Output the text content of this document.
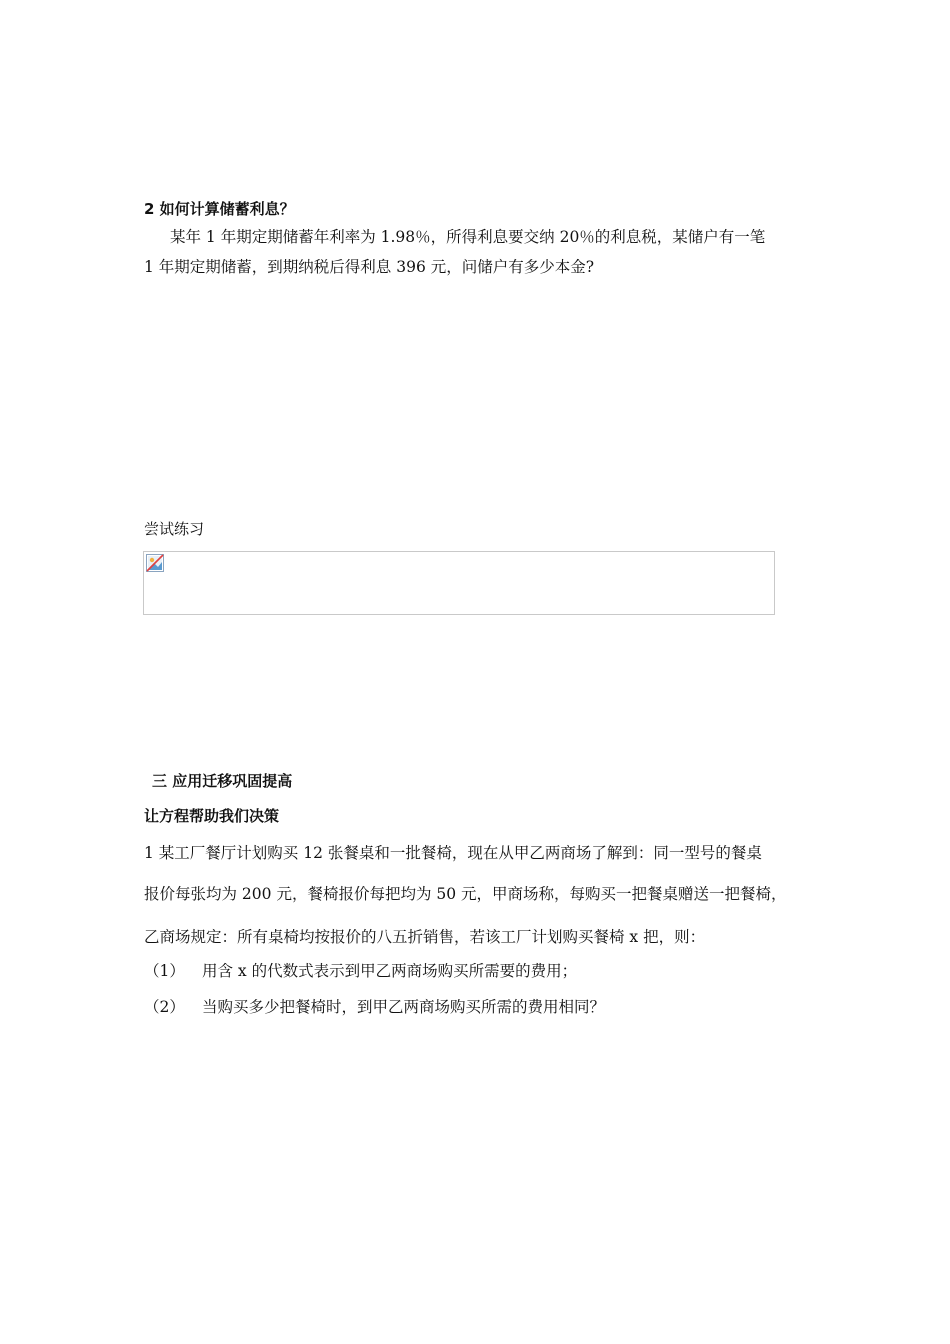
2 如何计算储蓄利息？
某年 1 年期定期储蓄年利率为 1.98％，所得利息要交纳 20％的利息税，某储户有一笔
1 年期定期储蓄，到期纳税后得利息 396 元，问储户有多少本金?
尝试练习
三 应用迁移巩固提高
让方程帮助我们决策
1 某工厂餐厅计划购买 12 张餐桌和一批餐椅，现在从甲乙两商场了解到：同一型号的餐桌
报价每张均为 200 元，餐椅报价每把均为 50 元，甲商场称，每购买一把餐桌赠送一把餐椅，
乙商场规定：所有桌椅均按报价的八五折销售，若该工厂计划购买餐椅 x 把，则：
（1） 用含 x 的代数式表示到甲乙两商场购买所需要的费用；
（2） 当购买多少把餐椅时，到甲乙两商场购买所需的费用相同？
